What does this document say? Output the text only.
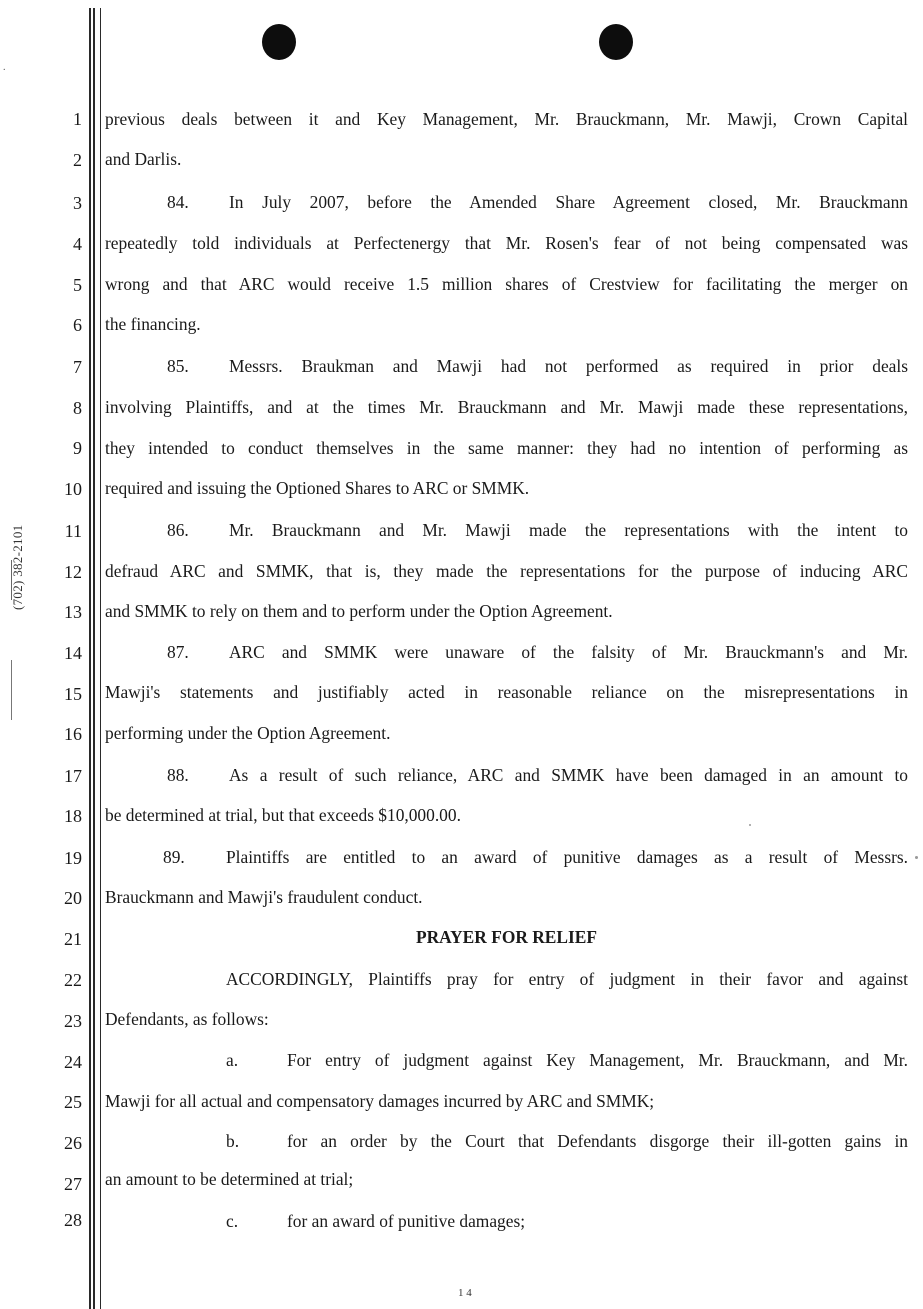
.
(702) 382-2101
1
2
3
4
5
6
7
8
9
10
11
12
13
14
15
16
17
18
19
20
21
22
23
24
25
26
27
28
previous deals between it and Key Management, Mr. Brauckmann, Mr. Mawji, Crown Capital
and Darlis.
84.	In July 2007, before the Amended Share Agreement closed, Mr. Brauckmann
repeatedly told individuals at Perfectenergy that Mr. Rosen's fear of not being compensated was
wrong and that ARC would receive 1.5 million shares of Crestview for facilitating the merger on
the financing.
85.	Messrs. Braukman and Mawji had not performed as required in prior deals
involving Plaintiffs, and at the times Mr. Brauckmann and Mr. Mawji made these representations,
they intended to conduct themselves in the same manner: they had no intention of performing as
required and issuing the Optioned Shares to ARC or SMMK.
86.	Mr. Brauckmann and Mr. Mawji made the representations with the intent to
defraud ARC and SMMK, that is, they made the representations for the purpose of inducing ARC
and SMMK to rely on them and to perform under the Option Agreement.
87.	ARC and SMMK were unaware of the falsity of Mr. Brauckmann's and Mr.
Mawji's statements and justifiably acted in reasonable reliance on the misrepresentations in
performing under the Option Agreement.
88.	As a result of such reliance, ARC and SMMK have been damaged in an amount to
be determined at trial, but that exceeds $10,000.00.
89.	Plaintiffs are entitled to an award of punitive damages as a result of Messrs.
Brauckmann and Mawji's fraudulent conduct.
PRAYER FOR RELIEF
ACCORDINGLY, Plaintiffs pray for entry of judgment in their favor and against
Defendants, as follows:
a.	For entry of judgment against Key Management, Mr. Brauckmann, and Mr.
Mawji for all actual and compensatory damages incurred by ARC and SMMK;
b.	for an order by the Court that Defendants disgorge their ill-gotten gains in
an amount to be determined at trial;
c.	for an award of punitive damages;
1 4
